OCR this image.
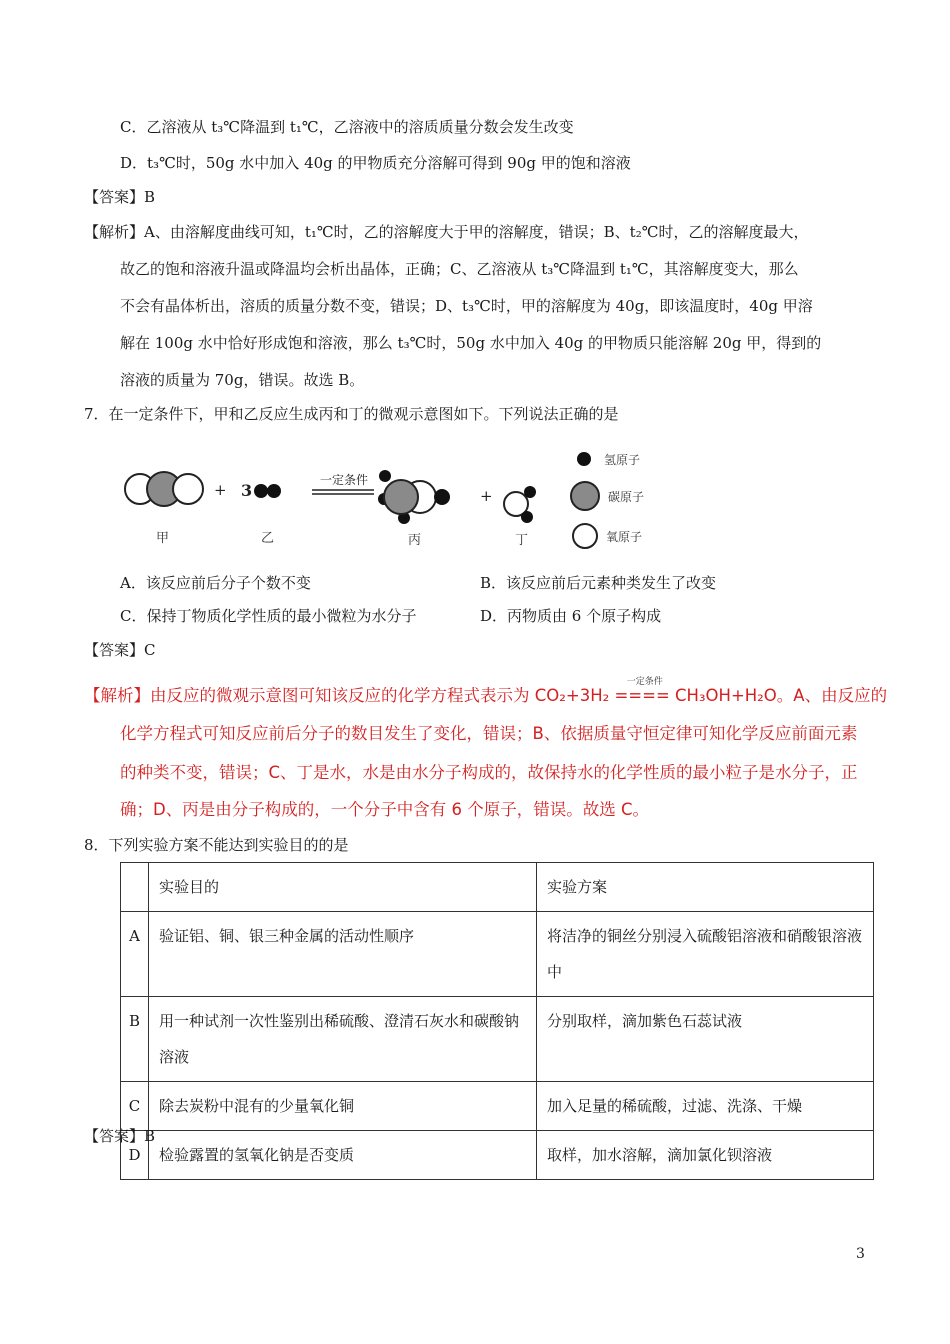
C．乙溶液从 t₃℃降温到 t₁℃，乙溶液中的溶质质量分数会发生改变
D．t₃℃时，50g 水中加入 40g 的甲物质充分溶解可得到 90g 甲的饱和溶液
【答案】B
【解析】A、由溶解度曲线可知，t₁℃时，乙的溶解度大于甲的溶解度，错误；B、t₂℃时，乙的溶解度最大，
故乙的饱和溶液升温或降温均会析出晶体，正确；C、乙溶液从 t₃℃降温到 t₁℃，其溶解度变大，那么
不会有晶体析出，溶质的质量分数不变，错误；D、t₃℃时，甲的溶解度为 40g，即该温度时，40g 甲溶
解在 100g 水中恰好形成饱和溶液，那么 t₃℃时，50g 水中加入 40g 的甲物质只能溶解 20g 甲，得到的
溶液的质量为 70g，错误。故选 B。
7．在一定条件下，甲和乙反应生成丙和丁的微观示意图如下。下列说法正确的是
+ 3
一定条件
+
甲	乙	丙	丁
氢原子
碳原子
氧原子
A．该反应前后分子个数不变	B．该反应前后元素种类发生了改变
C．保持丁物质化学性质的最小微粒为水分子	D．丙物质由 6 个原子构成
【答案】C
【解析】由反应的微观示意图可知该反应的化学方程式表示为
一定条件
CO₂+3H₂ ==== CH₃OH+H₂O。A、由反应的
化学方程式可知反应前后分子的数目发生了变化，错误；B、依据质量守恒定律可知化学反应前面元素
的种类不变，错误；C、丁是水，水是由水分子构成的，故保持水的化学性质的最小粒子是水分子，正
确；D、丙是由分子构成的，一个分子中含有 6 个原子，错误。故选 C。
8．下列实验方案不能达到实验目的的是
	实验目的	实验方案
A	验证铝、铜、银三种金属的活动性顺序	将洁净的铜丝分别浸入硫酸铝溶液和硝酸银溶液中
B	用一种试剂一次性鉴别出稀硫酸、澄清石灰水和碳酸钠溶液	分别取样，滴加紫色石蕊试液
C	除去炭粉中混有的少量氧化铜	加入足量的稀硫酸，过滤、洗涤、干燥
D	检验露置的氢氧化钠是否变质	取样，加水溶解，滴加氯化钡溶液
【答案】B
3
